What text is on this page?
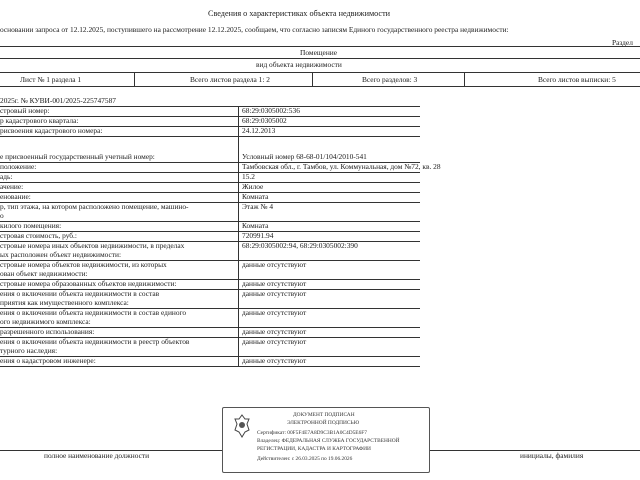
Сведения о характеристиках объекта недвижимости
основании запроса от 12.12.2025, поступившего на рассмотрение 12.12.2025, сообщаем, что согласно записям Единого государственного реестра недвижимости:
Раздел
Помещение
вид объекта недвижимости
Лист № 1 раздела 1	Всего листов раздела 1: 2	Всего разделов: 3	Всего листов выписки: 5
2025г. № КУВИ-001/2025-225747587
стровый номер:	68:29:0305002:536
р кадастрового квартала:	68:29:0305002
рисвоения кадастрового номера:	24.12.2013
е присвоенный государственный учетный номер:	Условный номер 68-68-01/104/2010-541
положение:	Тамбовская обл., г. Тамбов, ул. Коммунальная, дом №72, кв. 28
адь:	15.2
ачение:	Жилое
енование:	Комната
р, тип этажа, на котором расположено помещение, машино-
о
Этаж № 4
килого помещения:	Комната
стровая стоимость, руб.:	720991.94
стровые номера иных объектов недвижимости, в пределах
ых расположен объект недвижимости:
68:29:0305002:94, 68:29:0305002:390
стровые номера объектов недвижимости, из которых
ован объект недвижимости:
данные отсутствуют
стровые номера образованных объектов недвижимости:	данные отсутствуют
ения о включении объекта недвижимости в состав
приятия как имущественного комплекса:
данные отсутствуют
ения о включении объекта недвижимости в состав единого
ого недвижимого комплекса:
данные отсутствуют
разрешенного использования:	данные отсутствуют
ения о включении объекта недвижимости в реестр объектов
турного наследия:
данные отсутствуют
ения о кадастровом инженере:	данные отсутствуют
полное наименование должности	инициалы, фамилия
ДОКУМЕНТ ПОДПИСАН
ЭЛЕКТРОННОЙ ПОДПИСЬЮ
Сертификат: 00F5F4E7A8D9C3B1A0C4D5E6F7
Владелец: ФЕДЕРАЛЬНАЯ СЛУЖБА ГОСУДАРСТВЕННОЙ
РЕГИСТРАЦИИ, КАДАСТРА И КАРТОГРАФИИ
Действителен: с 26.03.2025 по 19.06.2026
